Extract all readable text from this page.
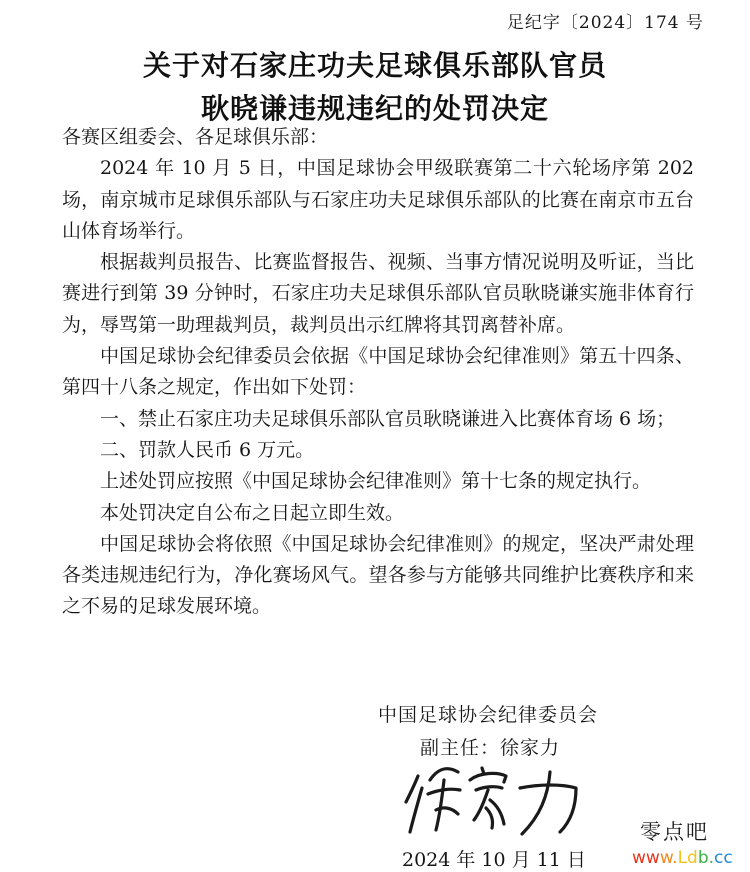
足纪字〔2024〕174 号
关于对石家庄功夫足球俱乐部队官员
耿晓谦违规违纪的处罚决定

各赛区组委会、各足球俱乐部：

2024 年 10 月 5 日，中国足球协会甲级联赛第二十六轮场序第 202 场，南京城市足球俱乐部队与石家庄功夫足球俱乐部队的比赛在南京市五台山体育场举行。

根据裁判员报告、比赛监督报告、视频、当事方情况说明及听证，当比赛进行到第 39 分钟时，石家庄功夫足球俱乐部队官员耿晓谦实施非体育行为，辱骂第一助理裁判员，裁判员出示红牌将其罚离替补席。

中国足球协会纪律委员会依据《中国足球协会纪律准则》第五十四条、第四十八条之规定，作出如下处罚：

一、禁止石家庄功夫足球俱乐部队官员耿晓谦进入比赛体育场 6 场；

二、罚款人民币 6 万元。

上述处罚应按照《中国足球协会纪律准则》第十七条的规定执行。

本处罚决定自公布之日起立即生效。

中国足球协会将依照《中国足球协会纪律准则》的规定，坚决严肃处理各类违规违纪行为，净化赛场风气。望各参与方能够共同维护比赛秩序和来之不易的足球发展环境。

中国足球协会纪律委员会
副主任：徐家力
2024 年 10 月 11 日
零点吧
www.Ldb.cc
